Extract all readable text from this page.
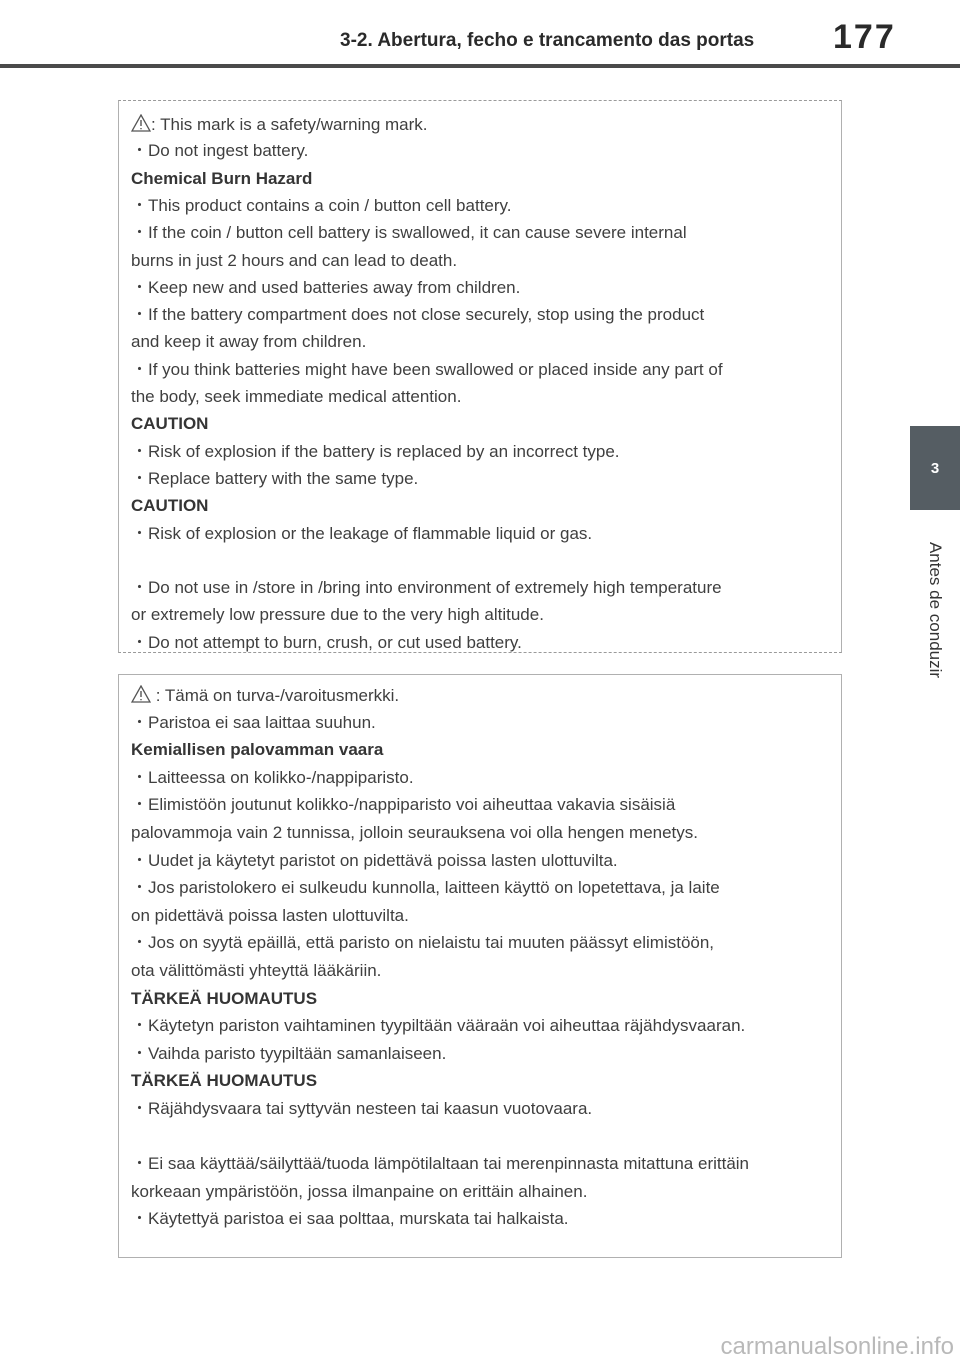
3-2. Abertura, fecho e trancamento das portas 177
3
Antes de conduzir
: This mark is a safety/warning mark.
・Do not ingest battery.
Chemical Burn Hazard
・This product contains a coin / button cell battery.
・If the coin / button cell battery is swallowed, it can cause severe internal
burns in just 2 hours and can lead to death.
・Keep new and used batteries away from children.
・If the battery compartment does not close securely, stop using the product
and keep it away from children.
・If you think batteries might have been swallowed or placed inside any part of
the body, seek immediate medical attention.
CAUTION
・Risk of explosion if the battery is replaced by an incorrect type.
・Replace battery with the same type.
CAUTION
・Risk of explosion or the leakage of flammable liquid or gas.
・Do not use in /store in /bring into environment of extremely high temperature
or extremely low pressure due to the very high altitude.
・Do not attempt to burn, crush, or cut used battery.
: Tämä on turva-/varoitusmerkki.
・Paristoa ei saa laittaa suuhun.
Kemiallisen palovamman vaara
・Laitteessa on kolikko-/nappiparisto.
・Elimistöön joutunut kolikko-/nappiparisto voi aiheuttaa vakavia sisäisiä
palovammoja vain 2 tunnissa, jolloin seurauksena voi olla hengen menetys.
・Uudet ja käytetyt paristot on pidettävä poissa lasten ulottuvilta.
・Jos paristolokero ei sulkeudu kunnolla, laitteen käyttö on lopetettava, ja laite
on pidettävä poissa lasten ulottuvilta.
・Jos on syytä epäillä, että paristo on nielaistu tai muuten päässyt elimistöön,
ota välittömästi yhteyttä lääkäriin.
TÄRKEÄ HUOMAUTUS
・Käytetyn pariston vaihtaminen tyypiltään vääraän voi aiheuttaa räjähdysvaaran.
・Vaihda paristo tyypiltään samanlaiseen.
TÄRKEÄ HUOMAUTUS
・Räjähdysvaara tai syttyvän nesteen tai kaasun vuotovaara.
・Ei saa käyttää/säilyttää/tuoda lämpötilaltaan tai merenpinnasta mitattuna erittäin
korkeaan ympäristöön, jossa ilmanpaine on erittäin alhainen.
・Käytettyä paristoa ei saa polttaa, murskata tai halkaista.
carmanualsonline.info
